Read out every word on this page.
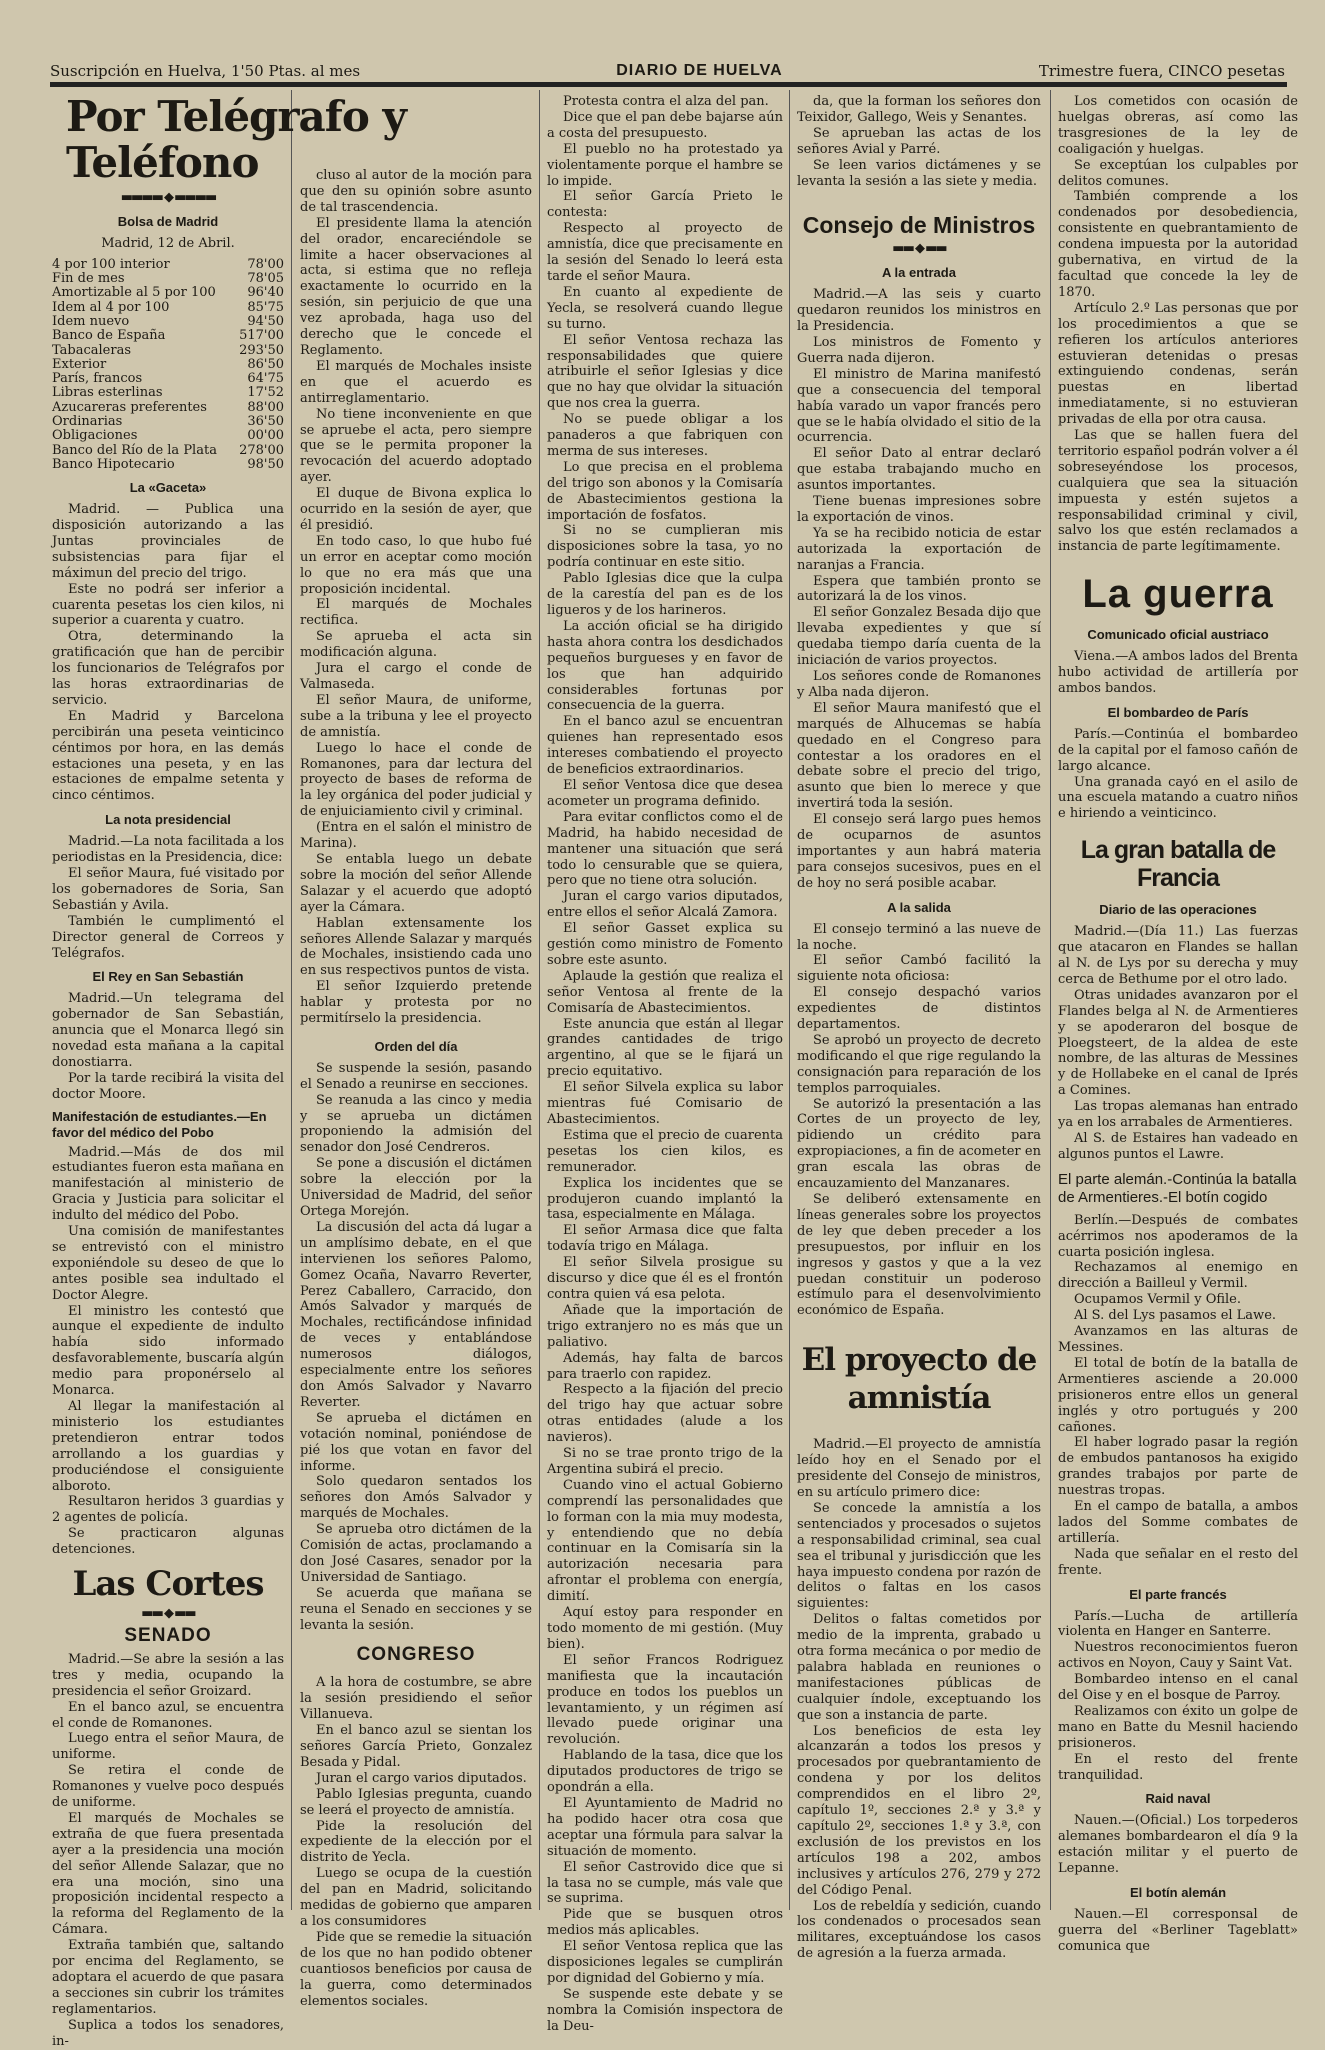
Suscripción en Huelva, 1'50 Ptas. al mes	DIARIO DE HUELVA	Trimestre fuera, CINCO pesetas
Por Telégrafo y Teléfono
▬▬▬▬ ◆ ▬▬▬▬
Bolsa de Madrid
Madrid, 12 de Abril.
4 por 100 interior	78'00
Fin de mes	78'05
Amortizable al 5 por 100	96'40
Idem al 4 por 100	85'75
Idem nuevo	94'50
Banco de España	517'00
Tabacaleras	293'50
Exterior	86'50
París, francos	64'75
Libras esterlinas	17'52
Azucareras preferentes	88'00
Ordinarias	36'50
Obligaciones	00'00
Banco del Río de la Plata	278'00
Banco Hipotecario	98'50
La «Gaceta»

Madrid. — Publica una disposición autorizando a las Juntas provinciales de subsistencias para fijar el máximun del precio del trigo.

Este no podrá ser inferior a cuarenta pesetas los cien kilos, ni superior a cuarenta y cuatro.

Otra, determinando la gratificación que han de percibir los funcionarios de Telégrafos por las horas extraordinarias de servicio.

En Madrid y Barcelona percibirán una peseta veinticinco céntimos por hora, en las demás estaciones una peseta, y en las estaciones de empalme setenta y cinco céntimos.

La nota presidencial

Madrid.—La nota facilitada a los periodistas en la Presidencia, dice:

El señor Maura, fué visitado por los gobernadores de Soria, San Sebastián y Avila.

También le cumplimentó el Director general de Correos y Telégrafos.

El Rey en San Sebastián

Madrid.—Un telegrama del gobernador de San Sebastián, anuncia que el Monarca llegó sin novedad esta mañana a la capital donostiarra.

Por la tarde recibirá la visita del doctor Moore.

Manifestación de estudiantes.—En favor del médico del Pobo

Madrid.—Más de dos mil estudiantes fueron esta mañana en manifestación al ministerio de Gracia y Justicia para solicitar el indulto del médico del Pobo.

Una comisión de manifestantes se entrevistó con el ministro exponiéndole su deseo de que lo antes posible sea indultado el Doctor Alegre.

El ministro les contestó que aunque el expediente de indulto había sido informado desfavorablemente, buscaría algún medio para proponérselo al Monarca.

Al llegar la manifestación al ministerio los estudiantes pretendieron entrar todos arrollando a los guardias y produciéndose el consiguiente alboroto.

Resultaron heridos 3 guardias y 2 agentes de policía.

Se practicaron algunas detenciones.

Las Cortes
▬▬ ◆ ▬▬
SENADO

Madrid.—Se abre la sesión a las tres y media, ocupando la presidencia el señor Groizard.

En el banco azul, se encuentra el conde de Romanones.

Luego entra el señor Maura, de uniforme.

Se retira el conde de Romanones y vuelve poco después de uniforme.

El marqués de Mochales se extraña de que fuera presentada ayer a la presidencia una moción del señor Allende Salazar, que no era una moción, sino una proposición incidental respecto a la reforma del Reglamento de la Cámara.

Extraña también que, saltando por encima del Reglamento, se adoptara el acuerdo de que pasara a secciones sin cubrir los trámites reglamentarios.

Suplica a todos los senadores, in-

cluso al autor de la moción para que den su opinión sobre asunto de tal trascendencia.

El presidente llama la atención del orador, encareciéndole se limite a hacer observaciones al acta, si estima que no refleja exactamente lo ocurrido en la sesión, sin perjuicio de que una vez aprobada, haga uso del derecho que le concede el Reglamento.

El marqués de Mochales insiste en que el acuerdo es antirreglamentario.

No tiene inconveniente en que se apruebe el acta, pero siempre que se le permita proponer la revocación del acuerdo adoptado ayer.

El duque de Bivona explica lo ocurrido en la sesión de ayer, que él presidió.

En todo caso, lo que hubo fué un error en aceptar como moción lo que no era más que una proposición incidental.

El marqués de Mochales rectifica.

Se aprueba el acta sin modificación alguna.

Jura el cargo el conde de Valmaseda.

El señor Maura, de uniforme, sube a la tribuna y lee el proyecto de amnistía.

Luego lo hace el conde de Romanones, para dar lectura del proyecto de bases de reforma de la ley orgánica del poder judicial y de enjuiciamiento civil y criminal.

(Entra en el salón el ministro de Marina).

Se entabla luego un debate sobre la moción del señor Allende Salazar y el acuerdo que adoptó ayer la Cámara.

Hablan extensamente los señores Allende Salazar y marqués de Mochales, insistiendo cada uno en sus respectivos puntos de vista.

El señor Izquierdo pretende hablar y protesta por no permitírselo la presidencia.

Orden del día

Se suspende la sesión, pasando el Senado a reunirse en secciones.

Se reanuda a las cinco y media y se aprueba un dictámen proponiendo la admisión del senador don José Cendreros.

Se pone a discusión el dictámen sobre la elección por la Universidad de Madrid, del señor Ortega Morejón.

La discusión del acta dá lugar a un amplísimo debate, en el que intervienen los señores Palomo, Gomez Ocaña, Navarro Reverter, Perez Caballero, Carracido, don Amós Salvador y marqués de Mochales, rectificándose infinidad de veces y entablándose numerosos diálogos, especialmente entre los señores don Amós Salvador y Navarro Reverter.

Se aprueba el dictámen en votación nominal, poniéndose de pié los que votan en favor del informe.

Solo quedaron sentados los señores don Amós Salvador y marqués de Mochales.

Se aprueba otro dictámen de la Comisión de actas, proclamando a don José Casares, senador por la Universidad de Santiago.

Se acuerda que mañana se reuna el Senado en secciones y se levanta la sesión.

CONGRESO

A la hora de costumbre, se abre la sesión presidiendo el señor Villanueva.

En el banco azul se sientan los señores García Prieto, Gonzalez Besada y Pidal.

Juran el cargo varios diputados.

Pablo Iglesias pregunta, cuando se leerá el proyecto de amnistía.

Pide la resolución del expediente de la elección por el distrito de Yecla.

Luego se ocupa de la cuestión del pan en Madrid, solicitando medidas de gobierno que amparen a los consumidores

Pide que se remedie la situación de los que no han podido obtener cuantiosos beneficios por causa de la guerra, como determinados elementos sociales.

Protesta contra el alza del pan.

Dice que el pan debe bajarse aún a costa del presupuesto.

El pueblo no ha protestado ya violentamente porque el hambre se lo impide.

El señor García Prieto le contesta:

Respecto al proyecto de amnistía, dice que precisamente en la sesión del Senado lo leerá esta tarde el señor Maura.

En cuanto al expediente de Yecla, se resolverá cuando llegue su turno.

El señor Ventosa rechaza las responsabilidades que quiere atribuirle el señor Iglesias y dice que no hay que olvidar la situación que nos crea la guerra.

No se puede obligar a los panaderos a que fabriquen con merma de sus intereses.

Lo que precisa en el problema del trigo son abonos y la Comisaría de Abastecimientos gestiona la importación de fosfatos.

Si no se cumplieran mis disposiciones sobre la tasa, yo no podría continuar en este sitio.

Pablo Iglesias dice que la culpa de la carestía del pan es de los ligueros y de los harineros.

La acción oficial se ha dirigido hasta ahora contra los desdichados pequeños burgueses y en favor de los que han adquirido considerables fortunas por consecuencia de la guerra.

En el banco azul se encuentran quienes han representado esos intereses combatiendo el proyecto de beneficios extraordinarios.

El señor Ventosa dice que desea acometer un programa definido.

Para evitar conflictos como el de Madrid, ha habido necesidad de mantener una situación que será todo lo censurable que se quiera, pero que no tiene otra solución.

Juran el cargo varios diputados, entre ellos el señor Alcalá Zamora.

El señor Gasset explica su gestión como ministro de Fomento sobre este asunto.

Aplaude la gestión que realiza el señor Ventosa al frente de la Comisaría de Abastecimientos.

Este anuncia que están al llegar grandes cantidades de trigo argentino, al que se le fijará un precio equitativo.

El señor Silvela explica su labor mientras fué Comisario de Abastecimientos.

Estima que el precio de cuarenta pesetas los cien kilos, es remunerador.

Explica los incidentes que se produjeron cuando implantó la tasa, especialmente en Málaga.

El señor Armasa dice que falta todavía trigo en Málaga.

El señor Silvela prosigue su discurso y dice que él es el frontón contra quien vá esa pelota.

Añade que la importación de trigo extranjero no es más que un paliativo.

Además, hay falta de barcos para traerlo con rapidez.

Respecto a la fijación del precio del trigo hay que actuar sobre otras entidades (alude a los navieros).

Si no se trae pronto trigo de la Argentina subirá el precio.

Cuando vino el actual Gobierno comprendí las personalidades que lo forman con la mia muy modesta, y entendiendo que no debía continuar en la Comisaría sin la autorización necesaria para afrontar el problema con energía, dimití.

Aquí estoy para responder en todo momento de mi gestión. (Muy bien).

El señor Francos Rodriguez manifiesta que la incautación produce en todos los pueblos un levantamiento, y un régimen así llevado puede originar una revolución.

Hablando de la tasa, dice que los diputados productores de trigo se opondrán a ella.

El Ayuntamiento de Madrid no ha podido hacer otra cosa que aceptar una fórmula para salvar la situación de momento.

El señor Castrovido dice que si la tasa no se cumple, más vale que se suprima.

Pide que se busquen otros medios más aplicables.

El señor Ventosa replica que las disposiciones legales se cumplirán por dignidad del Gobierno y mía.

Se suspende este debate y se nombra la Comisión inspectora de la Deu-

da, que la forman los señores don Teixidor, Gallego, Weis y Senantes.

Se aprueban las actas de los señores Avial y Parré.

Se leen varios dictámenes y se levanta la sesión a las siete y media.

Consejo de Ministros
▬▬ ◆ ▬▬
A la entrada

Madrid.—A las seis y cuarto quedaron reunidos los ministros en la Presidencia.

Los ministros de Fomento y Guerra nada dijeron.

El ministro de Marina manifestó que a consecuencia del temporal había varado un vapor francés pero que se le había olvidado el sitio de la ocurrencia.

El señor Dato al entrar declaró que estaba trabajando mucho en asuntos importantes.

Tiene buenas impresiones sobre la exportación de vinos.

Ya se ha recibido noticia de estar autorizada la exportación de naranjas a Francia.

Espera que también pronto se autorizará la de los vinos.

El señor Gonzalez Besada dijo que llevaba expedientes y que sí quedaba tiempo daría cuenta de la iniciación de varios proyectos.

Los señores conde de Romanones y Alba nada dijeron.

El señor Maura manifestó que el marqués de Alhucemas se había quedado en el Congreso para contestar a los oradores en el debate sobre el precio del trigo, asunto que bien lo merece y que invertirá toda la sesión.

El consejo será largo pues hemos de ocuparnos de asuntos importantes y aun habrá materia para consejos sucesivos, pues en el de hoy no será posible acabar.

A la salida

El consejo terminó a las nueve de la noche.

El señor Cambó facilitó la siguiente nota oficiosa:

El consejo despachó varios expedientes de distintos departamentos.

Se aprobó un proyecto de decreto modificando el que rige regulando la consignación para reparación de los templos parroquiales.

Se autorizó la presentación a las Cortes de un proyecto de ley, pidiendo un crédito para expropiaciones, a fin de acometer en gran escala las obras de encauzamiento del Manzanares.

Se deliberó extensamente en líneas generales sobre los proyectos de ley que deben preceder a los presupuestos, por influir en los ingresos y gastos y que a la vez puedan constituir un poderoso estímulo para el desenvolvimiento económico de España.

El proyecto de amnistía

Madrid.—El proyecto de amnistía leído hoy en el Senado por el presidente del Consejo de ministros, en su artículo primero dice:

Se concede la amnistía a los sentenciados y procesados o sujetos a responsabilidad criminal, sea cual sea el tribunal y jurisdicción que les haya impuesto condena por razón de delitos o faltas en los casos siguientes:

Delitos o faltas cometidos por medio de la imprenta, grabado u otra forma mecánica o por medio de palabra hablada en reuniones o manifestaciones públicas de cualquier índole, exceptuando los que son a instancia de parte.

Los beneficios de esta ley alcanzarán a todos los presos y procesados por quebrantamiento de condena y por los delitos comprendidos en el libro 2º, capítulo 1º, secciones 2.ª y 3.ª y capítulo 2º, secciones 1.ª y 3.ª, con exclusión de los previstos en los artículos 198 a 202, ambos inclusives y artículos 276, 279 y 272 del Código Penal.

Los de rebeldía y sedición, cuando los condenados o procesados sean militares, exceptuándose los casos de agresión a la fuerza armada.

Los cometidos con ocasión de huelgas obreras, así como las trasgresiones de la ley de coaligación y huelgas.

Se exceptúan los culpables por delitos comunes.

También comprende a los condenados por desobediencia, consistente en quebrantamiento de condena impuesta por la autoridad gubernativa, en virtud de la facultad que concede la ley de 1870.

Artículo 2.º Las personas que por los procedimientos a que se refieren los artículos anteriores estuvieran detenidas o presas extinguiendo condenas, serán puestas en libertad inmediatamente, si no estuvieran privadas de ella por otra causa.

Las que se hallen fuera del territorio español podrán volver a él sobreseyéndose los procesos, cualquiera que sea la situación impuesta y estén sujetos a responsabilidad criminal y civil, salvo los que estén reclamados a instancia de parte legítimamente.

La guerra
Comunicado oficial austriaco

Viena.—A ambos lados del Brenta hubo actividad de artillería por ambos bandos.

El bombardeo de París

París.—Continúa el bombardeo de la capital por el famoso cañón de largo alcance.

Una granada cayó en el asilo de una escuela matando a cuatro niños e hiriendo a veinticinco.

La gran batalla de Francia
Diario de las operaciones

Madrid.—(Día 11.) Las fuerzas que atacaron en Flandes se hallan al N. de Lys por su derecha y muy cerca de Bethume por el otro lado.

Otras unidades avanzaron por el Flandes belga al N. de Armentieres y se apoderaron del bosque de Ploegsteert, de la aldea de este nombre, de las alturas de Messines y de Hollabeke en el canal de Iprés a Comines.

Las tropas alemanas han entrado ya en los arrabales de Armentieres.

Al S. de Estaires han vadeado en algunos puntos el Lawre.

El parte alemán.-Continúa la batalla de Armentieres.-El botín cogido

Berlín.—Después de combates acérrimos nos apoderamos de la cuarta posición inglesa.

Rechazamos al enemigo en dirección a Bailleul y Vermil.

Ocupamos Vermil y Ofile.

Al S. del Lys pasamos el Lawe.

Avanzamos en las alturas de Messines.

El total de botín de la batalla de Armentieres asciende a 20.000 prisioneros entre ellos un general inglés y otro portugués y 200 cañones.

El haber logrado pasar la región de embudos pantanosos ha exigido grandes trabajos por parte de nuestras tropas.

En el campo de batalla, a ambos lados del Somme combates de artillería.

Nada que señalar en el resto del frente.

El parte francés

París.—Lucha de artillería violenta en Hanger en Santerre.

Nuestros reconocimientos fueron activos en Noyon, Cauy y Saint Vat.

Bombardeo intenso en el canal del Oise y en el bosque de Parroy.

Realizamos con éxito un golpe de mano en Batte du Mesnil haciendo prisioneros.

En el resto del frente tranquilidad.

Raid naval

Nauen.—(Oficial.) Los torpederos alemanes bombardearon el día 9 la estación militar y el puerto de Lepanne.

El botín alemán

Nauen.—El corresponsal de guerra del «Berliner Tageblatt» comunica que
